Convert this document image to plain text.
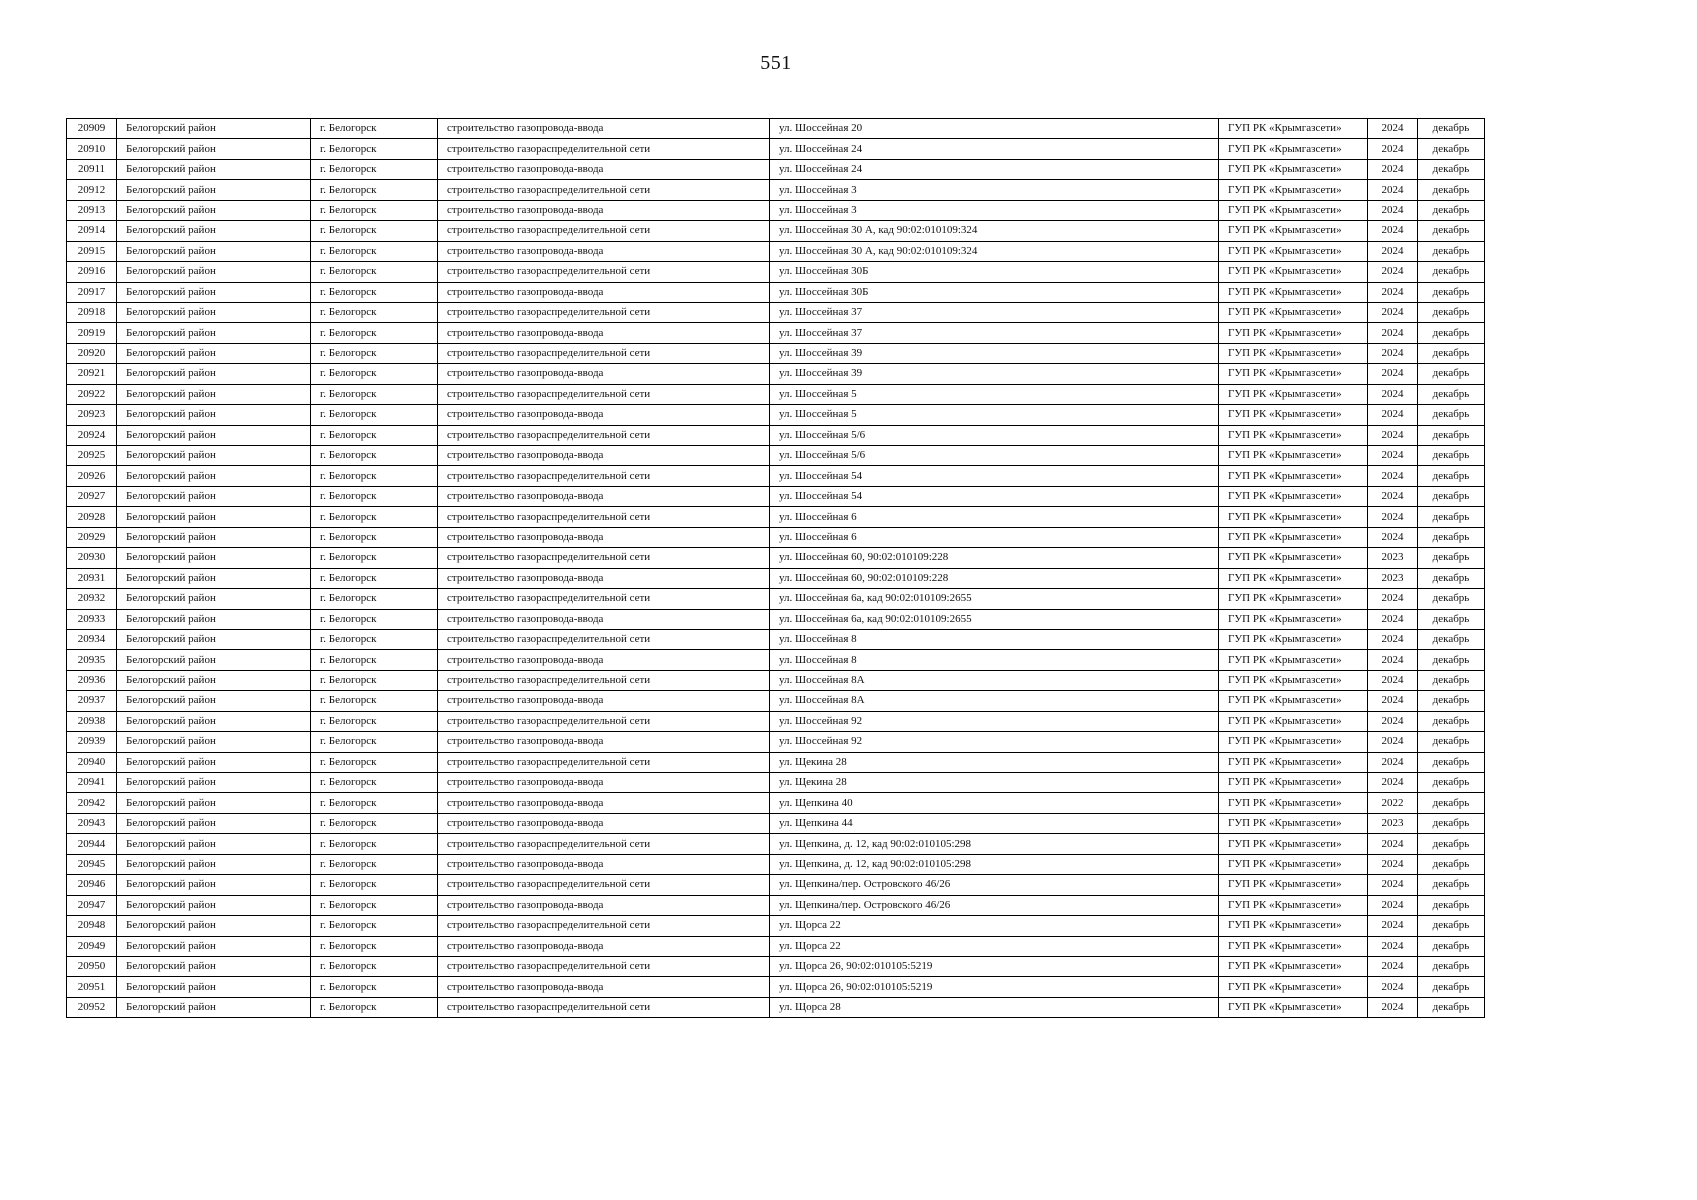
551
20909	Белогорский район	г. Белогорск	строительство газопровода-ввода	ул. Шоссейная 20	ГУП РК «Крымгазсети»	2024	декабрь
20910	Белогорский район	г. Белогорск	строительство газораспределительной сети	ул. Шоссейная 24	ГУП РК «Крымгазсети»	2024	декабрь
20911	Белогорский район	г. Белогорск	строительство газопровода-ввода	ул. Шоссейная 24	ГУП РК «Крымгазсети»	2024	декабрь
20912	Белогорский район	г. Белогорск	строительство газораспределительной сети	ул. Шоссейная 3	ГУП РК «Крымгазсети»	2024	декабрь
20913	Белогорский район	г. Белогорск	строительство газопровода-ввода	ул. Шоссейная 3	ГУП РК «Крымгазсети»	2024	декабрь
20914	Белогорский район	г. Белогорск	строительство газораспределительной сети	ул. Шоссейная 30 А, кад 90:02:010109:324	ГУП РК «Крымгазсети»	2024	декабрь
20915	Белогорский район	г. Белогорск	строительство газопровода-ввода	ул. Шоссейная 30 А, кад 90:02:010109:324	ГУП РК «Крымгазсети»	2024	декабрь
20916	Белогорский район	г. Белогорск	строительство газораспределительной сети	ул. Шоссейная 30Б	ГУП РК «Крымгазсети»	2024	декабрь
20917	Белогорский район	г. Белогорск	строительство газопровода-ввода	ул. Шоссейная 30Б	ГУП РК «Крымгазсети»	2024	декабрь
20918	Белогорский район	г. Белогорск	строительство газораспределительной сети	ул. Шоссейная 37	ГУП РК «Крымгазсети»	2024	декабрь
20919	Белогорский район	г. Белогорск	строительство газопровода-ввода	ул. Шоссейная 37	ГУП РК «Крымгазсети»	2024	декабрь
20920	Белогорский район	г. Белогорск	строительство газораспределительной сети	ул. Шоссейная 39	ГУП РК «Крымгазсети»	2024	декабрь
20921	Белогорский район	г. Белогорск	строительство газопровода-ввода	ул. Шоссейная 39	ГУП РК «Крымгазсети»	2024	декабрь
20922	Белогорский район	г. Белогорск	строительство газораспределительной сети	ул. Шоссейная 5	ГУП РК «Крымгазсети»	2024	декабрь
20923	Белогорский район	г. Белогорск	строительство газопровода-ввода	ул. Шоссейная 5	ГУП РК «Крымгазсети»	2024	декабрь
20924	Белогорский район	г. Белогорск	строительство газораспределительной сети	ул. Шоссейная 5/6	ГУП РК «Крымгазсети»	2024	декабрь
20925	Белогорский район	г. Белогорск	строительство газопровода-ввода	ул. Шоссейная 5/6	ГУП РК «Крымгазсети»	2024	декабрь
20926	Белогорский район	г. Белогорск	строительство газораспределительной сети	ул. Шоссейная 54	ГУП РК «Крымгазсети»	2024	декабрь
20927	Белогорский район	г. Белогорск	строительство газопровода-ввода	ул. Шоссейная 54	ГУП РК «Крымгазсети»	2024	декабрь
20928	Белогорский район	г. Белогорск	строительство газораспределительной сети	ул. Шоссейная 6	ГУП РК «Крымгазсети»	2024	декабрь
20929	Белогорский район	г. Белогорск	строительство газопровода-ввода	ул. Шоссейная 6	ГУП РК «Крымгазсети»	2024	декабрь
20930	Белогорский район	г. Белогорск	строительство газораспределительной сети	ул. Шоссейная 60, 90:02:010109:228	ГУП РК «Крымгазсети»	2023	декабрь
20931	Белогорский район	г. Белогорск	строительство газопровода-ввода	ул. Шоссейная 60, 90:02:010109:228	ГУП РК «Крымгазсети»	2023	декабрь
20932	Белогорский район	г. Белогорск	строительство газораспределительной сети	ул. Шоссейная 6а, кад 90:02:010109:2655	ГУП РК «Крымгазсети»	2024	декабрь
20933	Белогорский район	г. Белогорск	строительство газопровода-ввода	ул. Шоссейная 6а, кад 90:02:010109:2655	ГУП РК «Крымгазсети»	2024	декабрь
20934	Белогорский район	г. Белогорск	строительство газораспределительной сети	ул. Шоссейная 8	ГУП РК «Крымгазсети»	2024	декабрь
20935	Белогорский район	г. Белогорск	строительство газопровода-ввода	ул. Шоссейная 8	ГУП РК «Крымгазсети»	2024	декабрь
20936	Белогорский район	г. Белогорск	строительство газораспределительной сети	ул. Шоссейная 8А	ГУП РК «Крымгазсети»	2024	декабрь
20937	Белогорский район	г. Белогорск	строительство газопровода-ввода	ул. Шоссейная 8А	ГУП РК «Крымгазсети»	2024	декабрь
20938	Белогорский район	г. Белогорск	строительство газораспределительной сети	ул. Шоссейная 92	ГУП РК «Крымгазсети»	2024	декабрь
20939	Белогорский район	г. Белогорск	строительство газопровода-ввода	ул. Шоссейная 92	ГУП РК «Крымгазсети»	2024	декабрь
20940	Белогорский район	г. Белогорск	строительство газораспределительной сети	ул. Щекина 28	ГУП РК «Крымгазсети»	2024	декабрь
20941	Белогорский район	г. Белогорск	строительство газопровода-ввода	ул. Щекина 28	ГУП РК «Крымгазсети»	2024	декабрь
20942	Белогорский район	г. Белогорск	строительство газопровода-ввода	ул. Щепкина 40	ГУП РК «Крымгазсети»	2022	декабрь
20943	Белогорский район	г. Белогорск	строительство газопровода-ввода	ул. Щепкина 44	ГУП РК «Крымгазсети»	2023	декабрь
20944	Белогорский район	г. Белогорск	строительство газораспределительной сети	ул. Щепкина, д. 12, кад 90:02:010105:298	ГУП РК «Крымгазсети»	2024	декабрь
20945	Белогорский район	г. Белогорск	строительство газопровода-ввода	ул. Щепкина, д. 12, кад 90:02:010105:298	ГУП РК «Крымгазсети»	2024	декабрь
20946	Белогорский район	г. Белогорск	строительство газораспределительной сети	ул. Щепкина/пер. Островского 46/26	ГУП РК «Крымгазсети»	2024	декабрь
20947	Белогорский район	г. Белогорск	строительство газопровода-ввода	ул. Щепкина/пер. Островского 46/26	ГУП РК «Крымгазсети»	2024	декабрь
20948	Белогорский район	г. Белогорск	строительство газораспределительной сети	ул. Щорса 22	ГУП РК «Крымгазсети»	2024	декабрь
20949	Белогорский район	г. Белогорск	строительство газопровода-ввода	ул. Щорса 22	ГУП РК «Крымгазсети»	2024	декабрь
20950	Белогорский район	г. Белогорск	строительство газораспределительной сети	ул. Щорса 26, 90:02:010105:5219	ГУП РК «Крымгазсети»	2024	декабрь
20951	Белогорский район	г. Белогорск	строительство газопровода-ввода	ул. Щорса 26, 90:02:010105:5219	ГУП РК «Крымгазсети»	2024	декабрь
20952	Белогорский район	г. Белогорск	строительство газораспределительной сети	ул. Щорса 28	ГУП РК «Крымгазсети»	2024	декабрь
